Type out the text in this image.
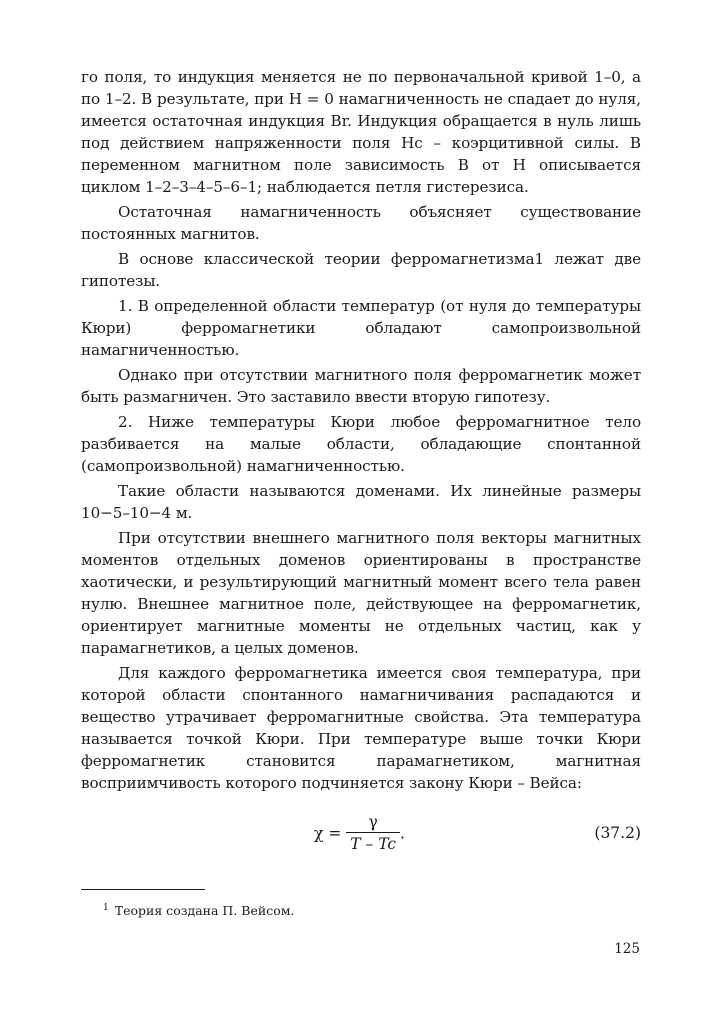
го поля, то индукция меняется не по первоначальной кривой 1–0, а по 1–2. В результате, при H = 0 намагниченность не спадает до нуля, имеется остаточная индукция Br. Индукция обращается в нуль лишь под действием напряженности поля Hc – коэрцитивной силы. В переменном магнитном поле зависимость B от H описывается циклом 1–2–3–4–5–6–1; наблюдается петля гистерезиса.

Остаточная намагниченность объясняет существование постоянных магнитов.

В основе классической теории ферромагнетизма1 лежат две гипотезы.

1. В определенной области температур (от нуля до температуры Кюри) ферромагнетики обладают самопроизвольной намагниченностью.

Однако при отсутствии магнитного поля ферромагнетик может быть размагничен. Это заставило ввести вторую гипотезу.

2. Ниже температуры Кюри любое ферромагнитное тело разбивается на малые области, обладающие спонтанной (самопроизвольной) намагниченностью.

Такие области называются доменами. Их линейные размеры 10−5–10−4 м.

При отсутствии внешнего магнитного поля векторы магнитных моментов отдельных доменов ориентированы в пространстве хаотически, и результирующий магнитный момент всего тела равен нулю. Внешнее магнитное поле, действующее на ферромагнетик, ориентирует магнитные моменты не отдельных частиц, как у парамагнетиков, а целых доменов.

Для каждого ферромагнетика имеется своя температура, при которой области спонтанного намагничивания распадаются и вещество утрачивает ферромагнитные свойства. Эта температура называется точкой Кюри. При температуре выше точки Кюри ферромагнетик становится парамагнетиком, магнитная восприимчивость которого подчиняется закону Кюри – Вейса:

$\chi = \frac{\gamma}{T - Tc}$ .	(37.2)
$^1$ Теория создана П. Вейсом.
125
